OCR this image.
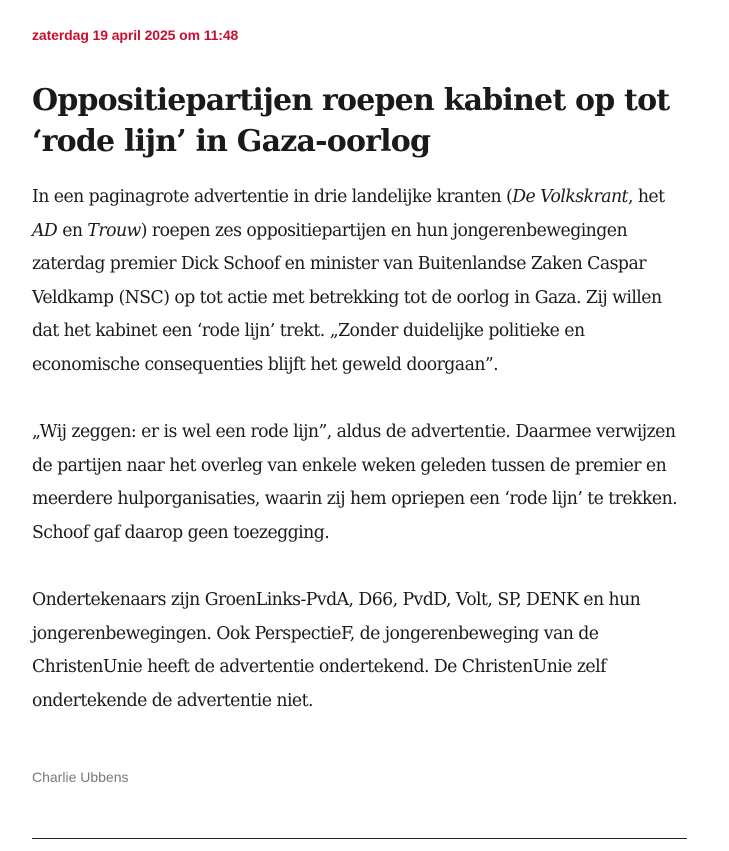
zaterdag 19 april 2025 om 11:48
Oppositiepartijen roepen kabinet op tot ‘rode lijn’ in Gaza-oorlog

In een paginagrote advertentie in drie landelijke kranten (De Volkskrant, het AD en Trouw) roepen zes oppositiepartijen en hun jongerenbewegingen zaterdag premier Dick Schoof en minister van Buitenlandse Zaken Caspar Veldkamp (NSC) op tot actie met betrekking tot de oorlog in Gaza. Zij willen dat het kabinet een ‘rode lijn’ trekt. „Zonder duidelijke politieke en economische consequenties blijft het geweld doorgaan”.

„Wij zeggen: er is wel een rode lijn”, aldus de advertentie. Daarmee verwijzen de partijen naar het overleg van enkele weken geleden tussen de premier en meerdere hulporganisaties, waarin zij hem opriepen een ‘rode lijn’ te trekken. Schoof gaf daarop geen toezegging.

Ondertekenaars zijn GroenLinks-PvdA, D66, PvdD, Volt, SP, DENK en hun jongerenbewegingen. Ook PerspectieF, de jongerenbeweging van de ChristenUnie heeft de advertentie ondertekend. De ChristenUnie zelf ondertekende de advertentie niet.

Charlie Ubbens
